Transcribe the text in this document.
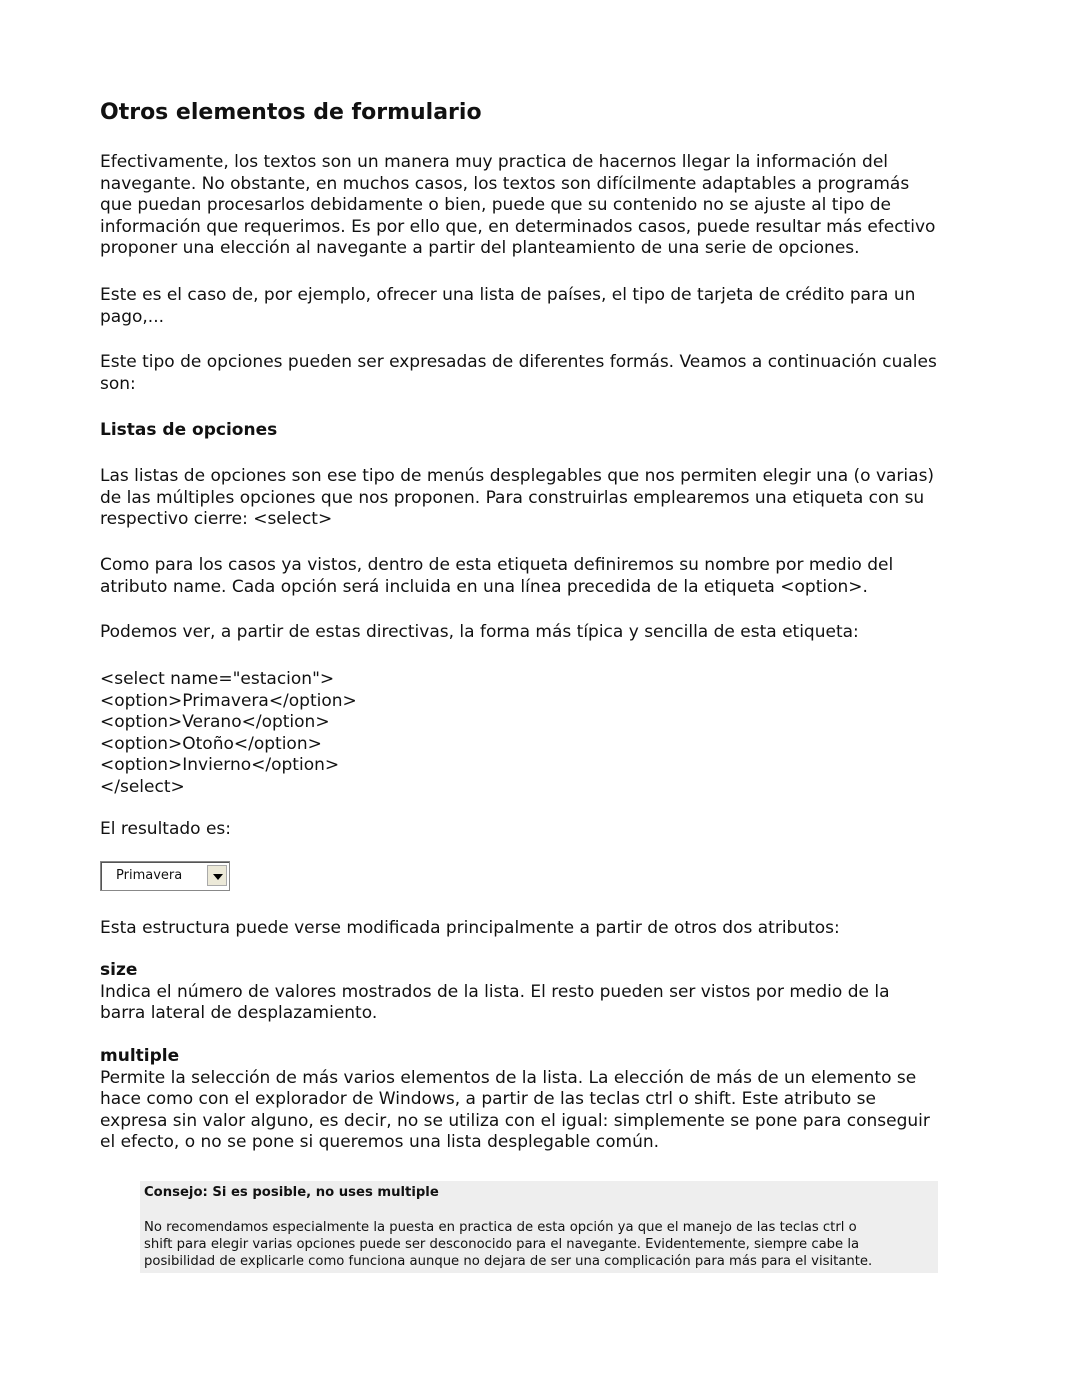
Otros elementos de formulario
Efectivamente, los textos son un manera muy practica de hacernos llegar la información del
navegante. No obstante, en muchos casos, los textos son difícilmente adaptables a programás
que puedan procesarlos debidamente o bien, puede que su contenido no se ajuste al tipo de
información que requerimos. Es por ello que, en determinados casos, puede resultar más efectivo
proponer una elección al navegante a partir del planteamiento de una serie de opciones.
Este es el caso de, por ejemplo, ofrecer una lista de países, el tipo de tarjeta de crédito para un
pago,...
Este tipo de opciones pueden ser expresadas de diferentes formás. Veamos a continuación cuales
son:
Listas de opciones
Las listas de opciones son ese tipo de menús desplegables que nos permiten elegir una (o varias)
de las múltiples opciones que nos proponen. Para construirlas emplearemos una etiqueta con su
respectivo cierre: <select>
Como para los casos ya vistos, dentro de esta etiqueta definiremos su nombre por medio del
atributo name. Cada opción será incluida en una línea precedida de la etiqueta <option>.
Podemos ver, a partir de estas directivas, la forma más típica y sencilla de esta etiqueta:
<select name="estacion">
<option>Primavera</option>
<option>Verano</option>
<option>Otoño</option>
<option>Invierno</option>
</select>
El resultado es:
Primavera
Esta estructura puede verse modificada principalmente a partir de otros dos atributos:
size
Indica el número de valores mostrados de la lista. El resto pueden ser vistos por medio de la
barra lateral de desplazamiento.
multiple
Permite la selección de más varios elementos de la lista. La elección de más de un elemento se
hace como con el explorador de Windows, a partir de las teclas ctrl o shift. Este atributo se
expresa sin valor alguno, es decir, no se utiliza con el igual: simplemente se pone para conseguir
el efecto, o no se pone si queremos una lista desplegable común.
Consejo: Si es posible, no uses multiple
No recomendamos especialmente la puesta en practica de esta opción ya que el manejo de las teclas ctrl o
shift para elegir varias opciones puede ser desconocido para el navegante. Evidentemente, siempre cabe la
posibilidad de explicarle como funciona aunque no dejara de ser una complicación para más para el visitante.
